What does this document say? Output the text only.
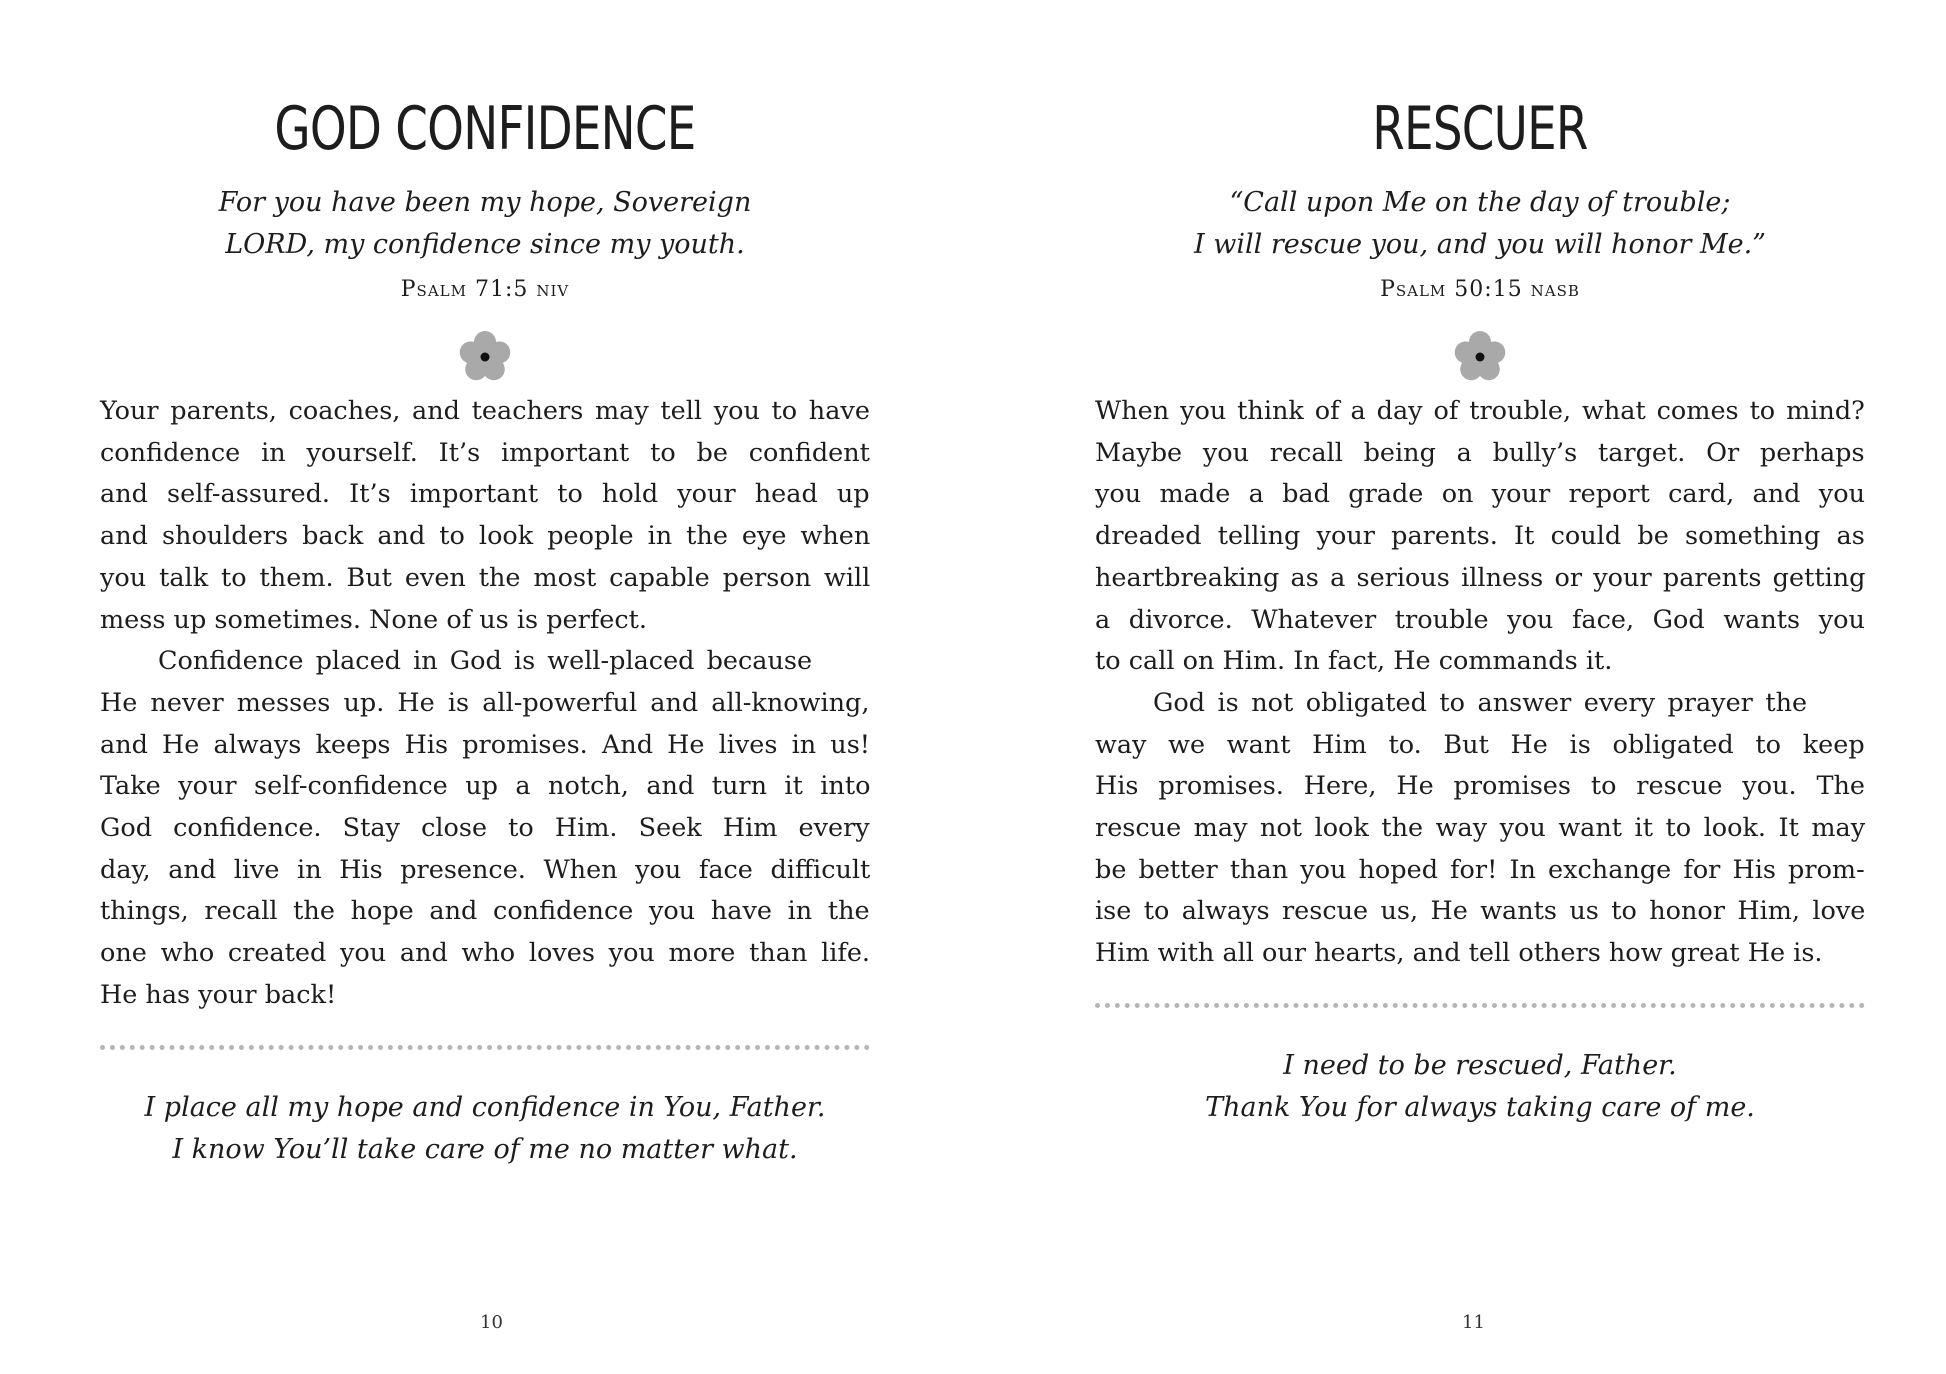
GOD CONFIDENCE
For you have been my hope, Sovereign
LORD, my confidence since my youth.
Psalm 71:5 niv
Your parents, coaches, and teachers may tell you to have
confidence in yourself. It’s important to be confident
and self-assured. It’s important to hold your head up
and shoulders back and to look people in the eye when
you talk to them. But even the most capable person will
mess up sometimes. None of us is perfect.
Confidence placed in God is well-placed because
He never messes up. He is all-powerful and all-knowing,
and He always keeps His promises. And He lives in us!
Take your self-confidence up a notch, and turn it into
God confidence. Stay close to Him. Seek Him every
day, and live in His presence. When you face difficult
things, recall the hope and confidence you have in the
one who created you and who loves you more than life.
He has your back!
I place all my hope and confidence in You, Father.
I know You’ll take care of me no matter what.
10
RESCUER
“Call upon Me on the day of trouble;
I will rescue you, and you will honor Me.”
Psalm 50:15 nasb
When you think of a day of trouble, what comes to mind?
Maybe you recall being a bully’s target. Or perhaps
you made a bad grade on your report card, and you
dreaded telling your parents. It could be something as
heartbreaking as a serious illness or your parents getting
a divorce. Whatever trouble you face, God wants you
to call on Him. In fact, He commands it.
God is not obligated to answer every prayer the
way we want Him to. But He is obligated to keep
His promises. Here, He promises to rescue you. The
rescue may not look the way you want it to look. It may
be better than you hoped for! In exchange for His prom-
ise to always rescue us, He wants us to honor Him, love
Him with all our hearts, and tell others how great He is.
I need to be rescued, Father.
Thank You for always taking care of me.
11
